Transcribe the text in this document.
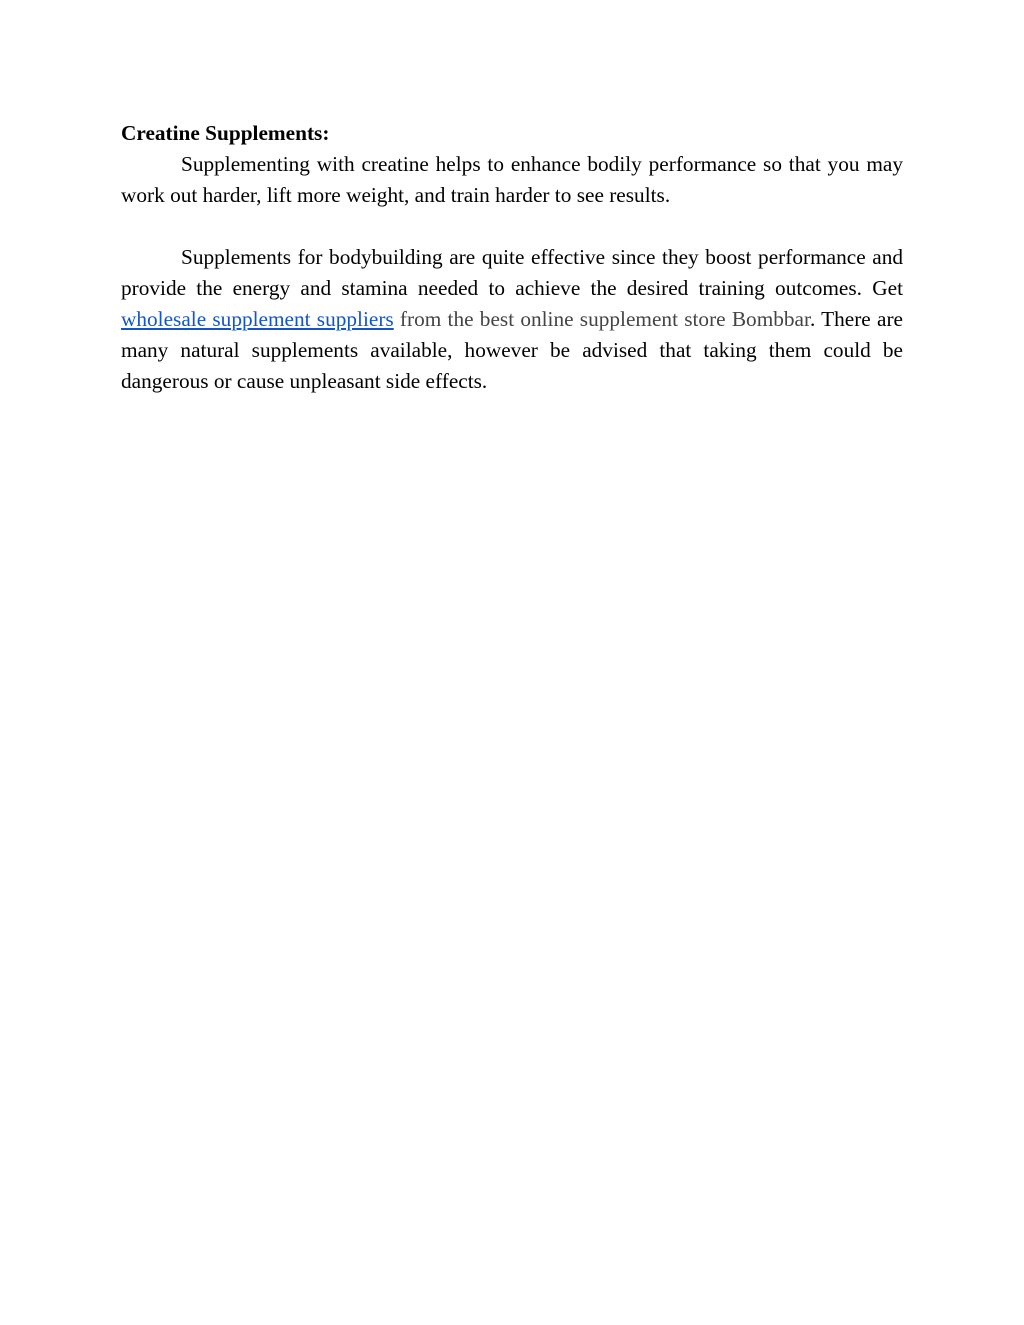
Creatine Supplements:

Supplementing with creatine helps to enhance bodily performance so that you may work out harder, lift more weight, and train harder to see results.

Supplements for bodybuilding are quite effective since they boost performance and provide the energy and stamina needed to achieve the desired training outcomes. Get wholesale supplement suppliers from the best online supplement store Bombbar. There are many natural supplements available, however be advised that taking them could be dangerous or cause unpleasant side effects.
